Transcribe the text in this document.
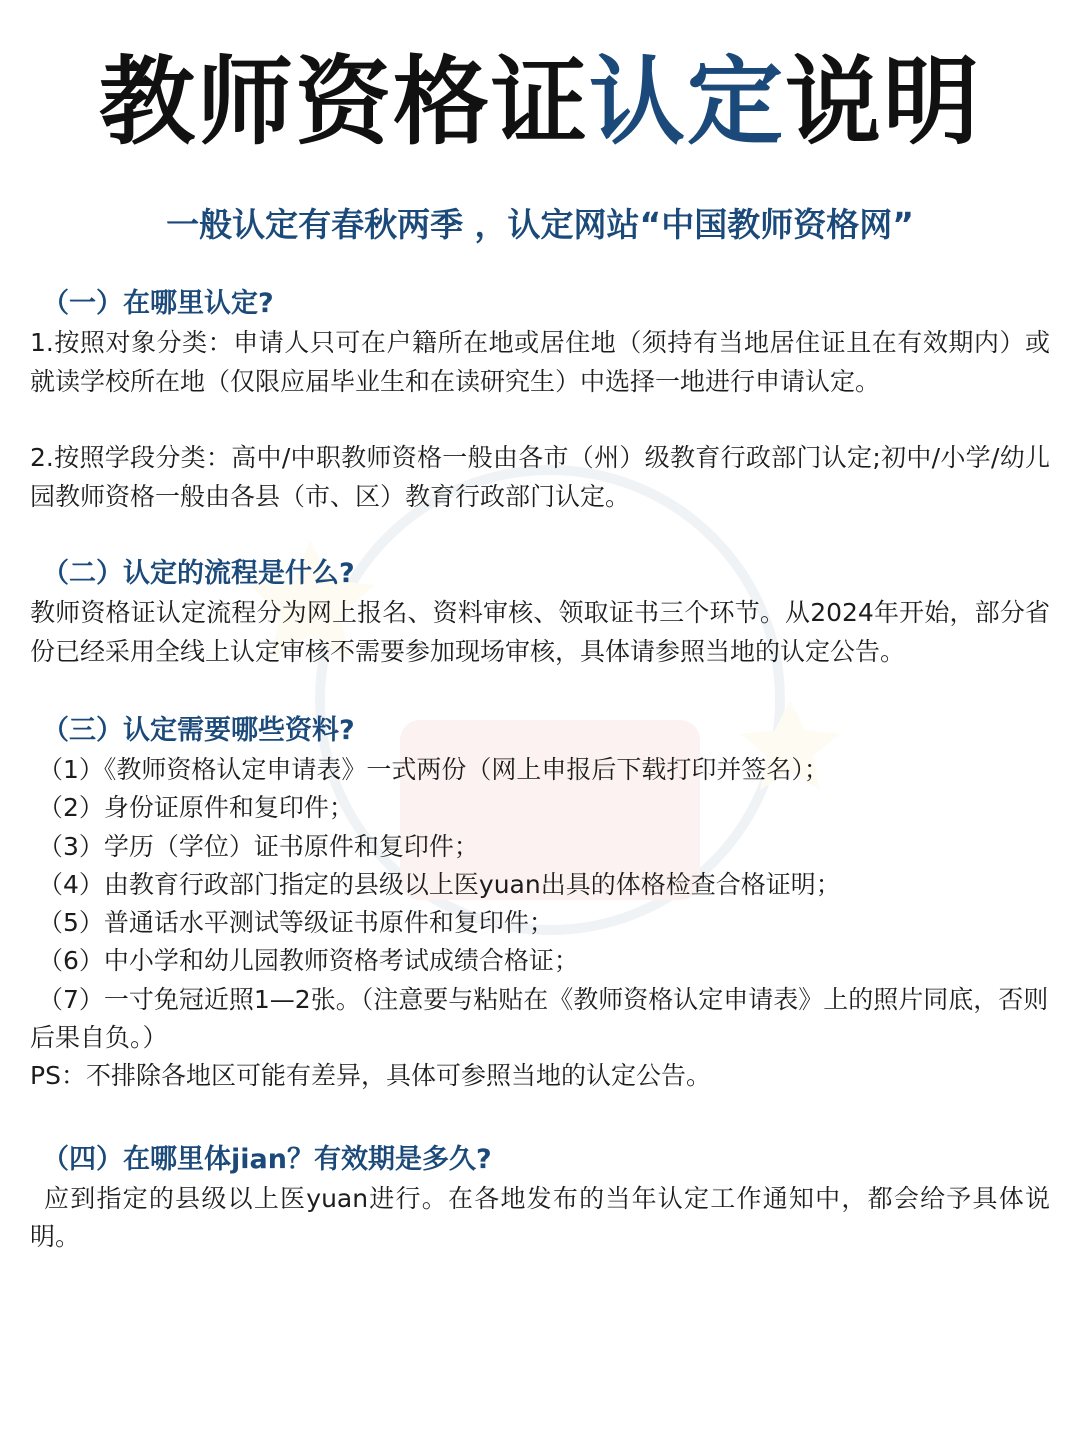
教师资格证认定说明
一般认定有春秋两季 ，认定网站“中国教师资格网”
（一）在哪里认定?

1.按照对象分类：申请人只可在户籍所在地或居住地（须持有当地居住证且在有效期内）或就读学校所在地（仅限应届毕业生和在读研究生）中选择一地进行申请认定。

2.按照学段分类：高中/中职教师资格一般由各市（州）级教育行政部门认定;初中/小学/幼儿园教师资格一般由各县（市、区）教育行政部门认定。

（二）认定的流程是什么?

教师资格证认定流程分为网上报名、资料审核、领取证书三个环节。从2024年开始，部分省份已经采用全线上认定审核不需要参加现场审核，具体请参照当地的认定公告。

（三）认定需要哪些资料?
（1）《教师资格认定申请表》一式两份（网上申报后下载打印并签名）；
（2）身份证原件和复印件；
（3）学历（学位）证书原件和复印件；
（4）由教育行政部门指定的县级以上医yuan出具的体格检查合格证明；
（5）普通话水平测试等级证书原件和复印件；
（6）中小学和幼儿园教师资格考试成绩合格证；
（7）一寸免冠近照1—2张。（注意要与粘贴在《教师资格认定申请表》上的照片同底，否则后果自负。）

PS：不排除各地区可能有差异，具体可参照当地的认定公告。

（四）在哪里体jian？有效期是多久?

应到指定的县级以上医yuan进行。在各地发布的当年认定工作通知中，都会给予具体说明。
